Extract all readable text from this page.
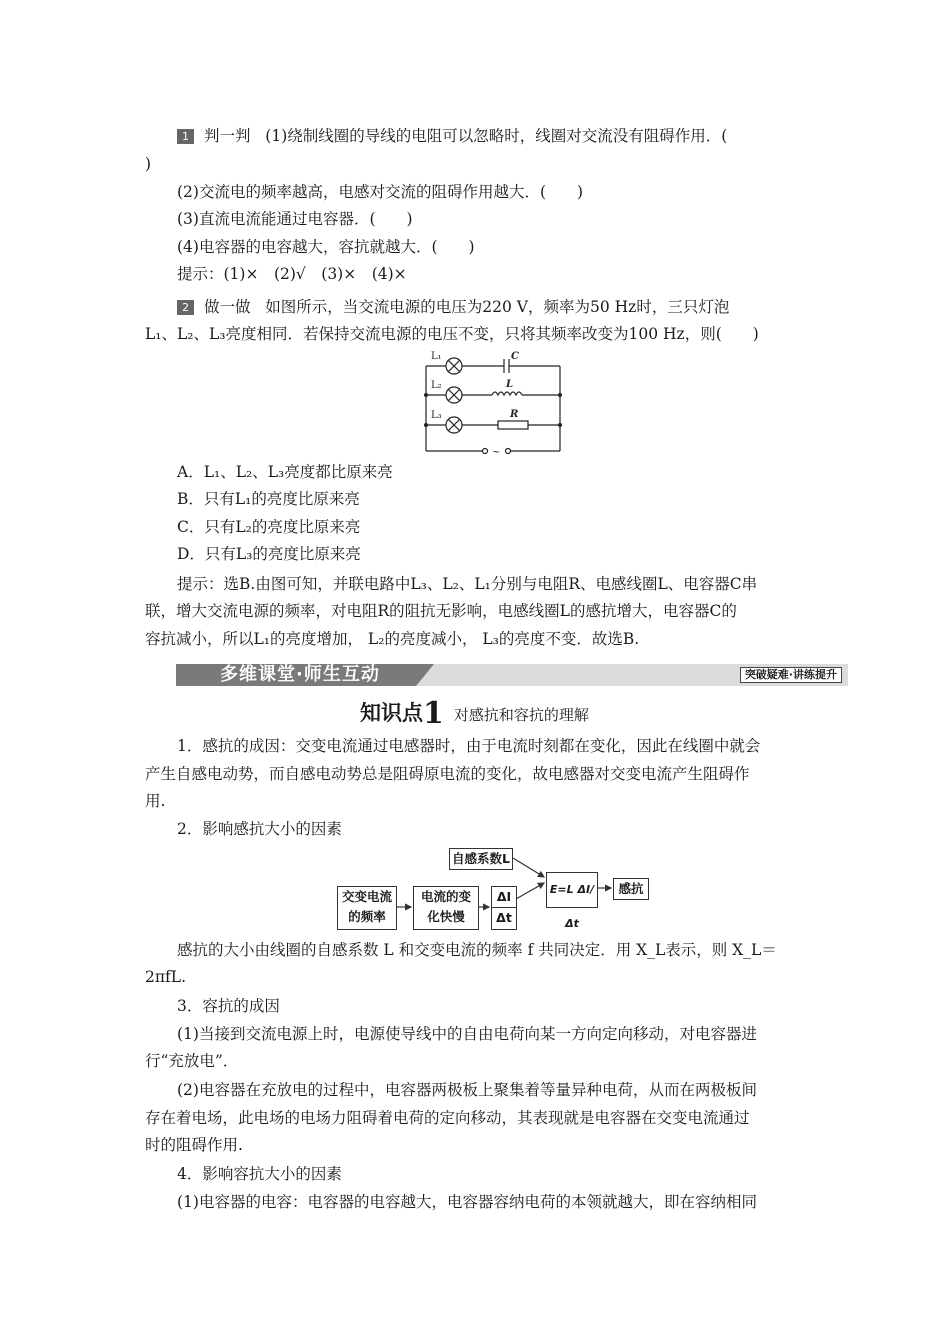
1 判一判 (1)绕制线圈的导线的电阻可以忽略时，线圈对交流没有阻碍作用．(
)
(2)交流电的频率越高，电感对交流的阻碍作用越大．(　　)
(3)直流电流能通过电容器．(　　)
(4)电容器的电容越大，容抗就越大．(　　)
提示：(1)×　(2)√　(3)×　(4)×
2 做一做 如图所示，当交流电源的电压为220 V，频率为50 Hz时，三只灯泡
L₁、L₂、L₃亮度相同．若保持交流电源的电压不变，只将其频率改变为100 Hz，则(　　)
L₁
L₂
L₃
C
L
R
~
A．L₁、L₂、L₃亮度都比原来亮
B．只有L₁的亮度比原来亮
C．只有L₂的亮度比原来亮
D．只有L₃的亮度比原来亮
提示：选B.由图可知，并联电路中L₃、L₂、L₁分别与电阻R、电感线圈L、电容器C串
联，增大交流电源的频率，对电阻R的阻抗无影响，电感线圈L的感抗增大，电容器C的
容抗减小，所以L₁的亮度增加， L₂的亮度减小， L₃的亮度不变．故选B.
多维课堂·师生互动	突破疑难·讲练提升
知识点1 对感抗和容抗的理解
1．感抗的成因：交变电流通过电感器时，由于电流时刻都在变化，因此在线圈中就会
产生自感电动势，而自感电动势总是阻碍原电流的变化，故电感器对交变电流产生阻碍作
用.
2．影响感抗大小的因素
自感系数L
交变电流
的频率
电流的变
化快慢
ΔI
Δt
E=L ΔI/Δt
感抗
感抗的大小由线圈的自感系数 L 和交变电流的频率 f 共同决定．用 X_L表示，则 X_L＝
2πfL.
3．容抗的成因
(1)当接到交流电源上时，电源使导线中的自由电荷向某一方向定向移动，对电容器进
行“充放电”．
(2)电容器在充放电的过程中，电容器两极板上聚集着等量异种电荷，从而在两极板间
存在着电场，此电场的电场力阻碍着电荷的定向移动，其表现就是电容器在交变电流通过
时的阻碍作用.
4．影响容抗大小的因素
(1)电容器的电容：电容器的电容越大，电容器容纳电荷的本领就越大，即在容纳相同
